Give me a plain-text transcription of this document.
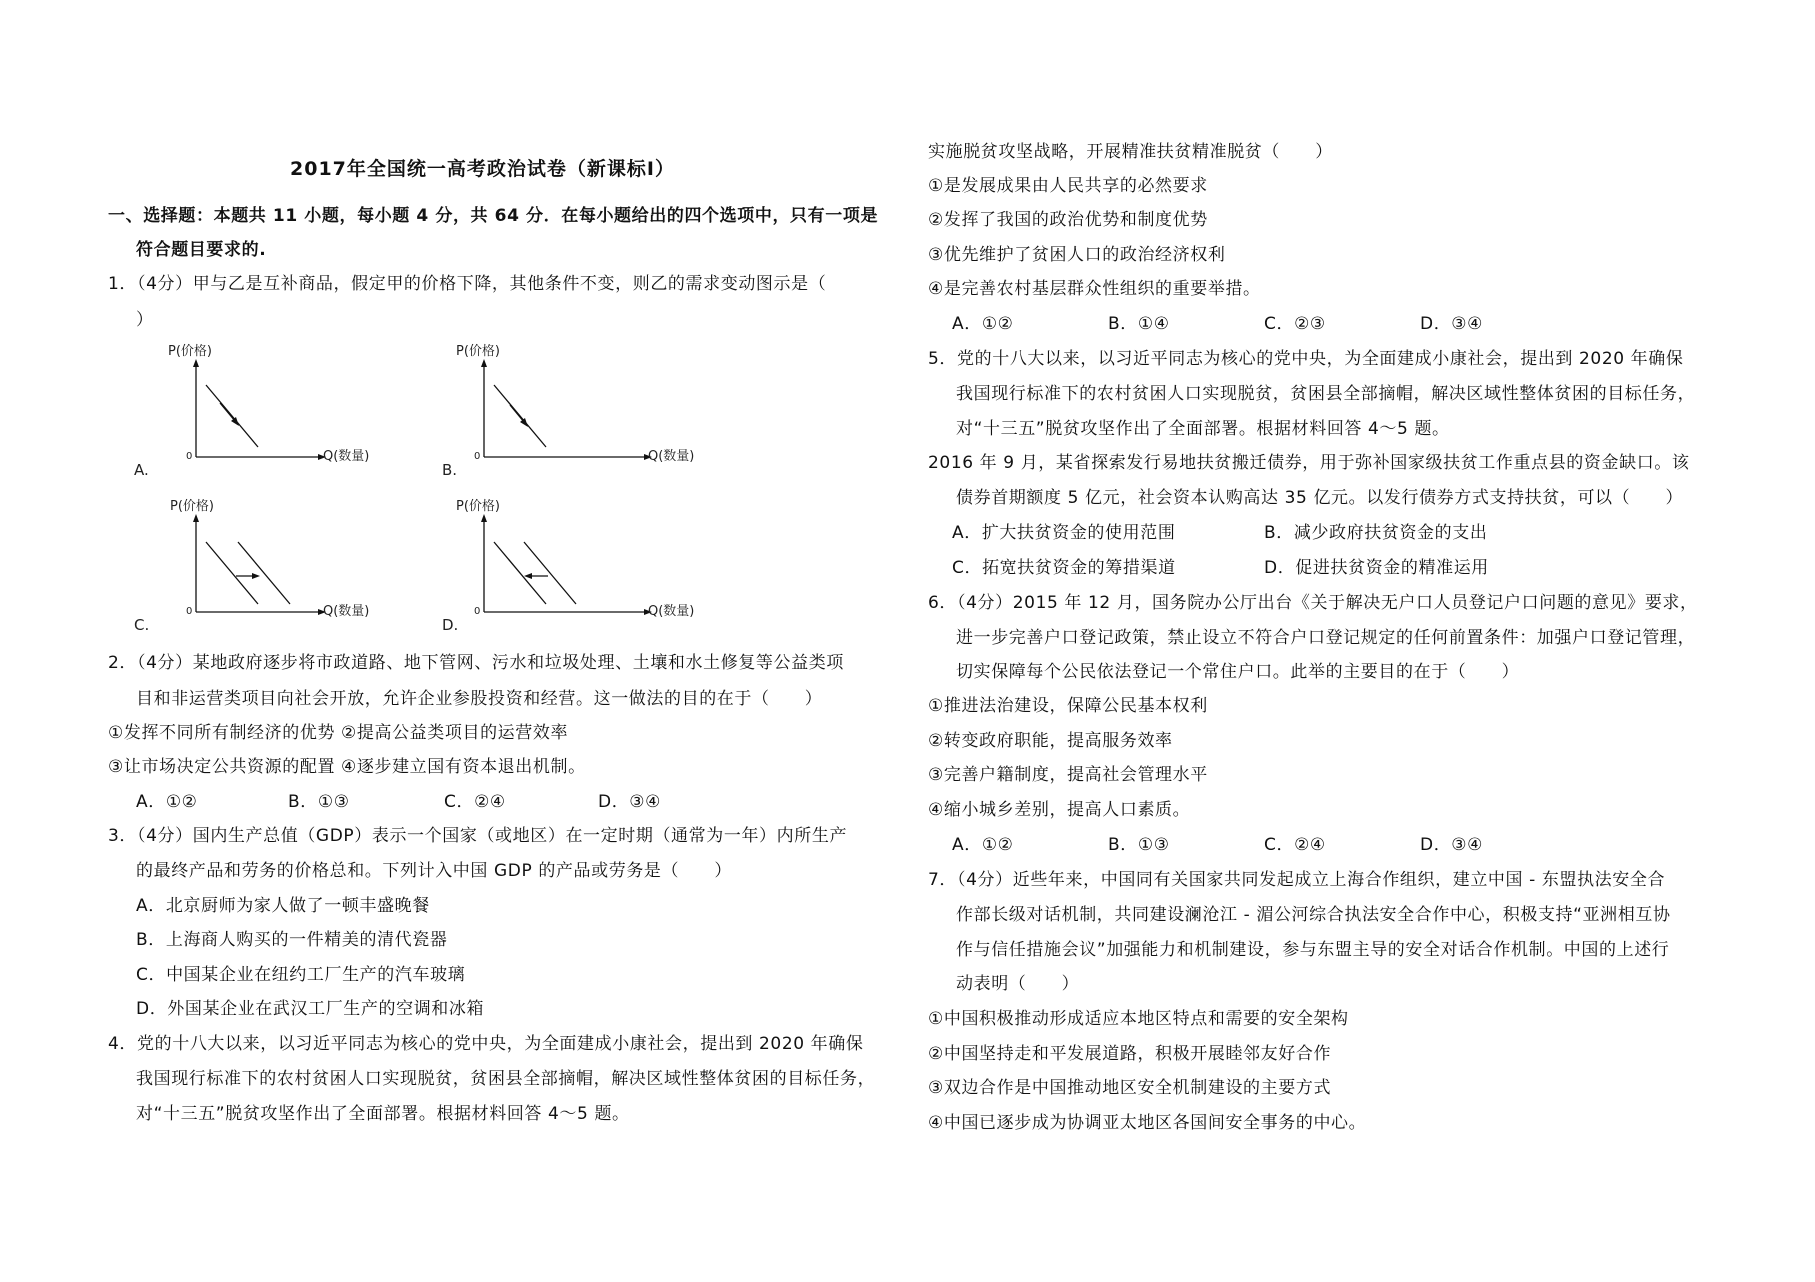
2017年全国统一高考政治试卷（新课标I）
一、选择题：本题共 11 小题，每小题 4 分，共 64 分．在每小题给出的四个选项中，只有一项是
符合题目要求的.
1．（4分）甲与乙是互补商品，假定甲的价格下降，其他条件不变，则乙的需求变动图示是（
）
P(价格)
0	Q(数量)
A.
P(价格)
0	Q(数量)
B.
P(价格)
0	Q(数量)
C.
P(价格)
0	Q(数量)
D.
2．（4分）某地政府逐步将市政道路、地下管网、污水和垃圾处理、土壤和水土修复等公益类项
目和非运营类项目向社会开放，允许企业参股投资和经营。这一做法的目的在于（　　）
①发挥不同所有制经济的优势 ②提高公益类项目的运营效率
③让市场决定公共资源的配置 ④逐步建立国有资本退出机制。
A．①②	B．①③	C．②④	D．③④
3．（4分）国内生产总值（GDP）表示一个国家（或地区）在一定时期（通常为一年）内所生产
的最终产品和劳务的价格总和。下列计入中国 GDP 的产品或劳务是（　　）
A．北京厨师为家人做了一顿丰盛晚餐
B．上海商人购买的一件精美的清代瓷器
C．中国某企业在纽约工厂生产的汽车玻璃
D．外国某企业在武汉工厂生产的空调和冰箱
4．党的十八大以来，以习近平同志为核心的党中央，为全面建成小康社会，提出到 2020 年确保
我国现行标准下的农村贫困人口实现脱贫，贫困县全部摘帽，解决区域性整体贫困的目标任务，
对“十三五”脱贫攻坚作出了全面部署。根据材料回答 4～5 题。
实施脱贫攻坚战略，开展精准扶贫精准脱贫（　　）
①是发展成果由人民共享的必然要求
②发挥了我国的政治优势和制度优势
③优先维护了贫困人口的政治经济权利
④是完善农村基层群众性组织的重要举措。
A．①②	B．①④	C．②③	D．③④
5．党的十八大以来，以习近平同志为核心的党中央，为全面建成小康社会，提出到 2020 年确保
我国现行标准下的农村贫困人口实现脱贫，贫困县全部摘帽，解决区域性整体贫困的目标任务，
对“十三五”脱贫攻坚作出了全面部署。根据材料回答 4～5 题。
2016 年 9 月，某省探索发行易地扶贫搬迁债券，用于弥补国家级扶贫工作重点县的资金缺口。该
债券首期额度 5 亿元，社会资本认购高达 35 亿元。以发行债券方式支持扶贫，可以（　　）
A．扩大扶贫资金的使用范围	B．减少政府扶贫资金的支出
C．拓宽扶贫资金的筹措渠道	D．促进扶贫资金的精准运用
6．（4分）2015 年 12 月，国务院办公厅出台《关于解决无户口人员登记户口问题的意见》要求，
进一步完善户口登记政策，禁止设立不符合户口登记规定的任何前置条件：加强户口登记管理，
切实保障每个公民依法登记一个常住户口。此举的主要目的在于（　　）
①推进法治建设，保障公民基本权利
②转变政府职能，提高服务效率
③完善户籍制度，提高社会管理水平
④缩小城乡差别，提高人口素质。
A．①②	B．①③	C．②④	D．③④
7．（4分）近些年来，中国同有关国家共同发起成立上海合作组织，建立中国 - 东盟执法安全合
作部长级对话机制，共同建设澜沧江 - 湄公河综合执法安全合作中心，积极支持“亚洲相互协
作与信任措施会议”加强能力和机制建设，参与东盟主导的安全对话合作机制。中国的上述行
动表明（　　）
①中国积极推动形成适应本地区特点和需要的安全架构
②中国坚持走和平发展道路，积极开展睦邻友好合作
③双边合作是中国推动地区安全机制建设的主要方式
④中国已逐步成为协调亚太地区各国间安全事务的中心。
